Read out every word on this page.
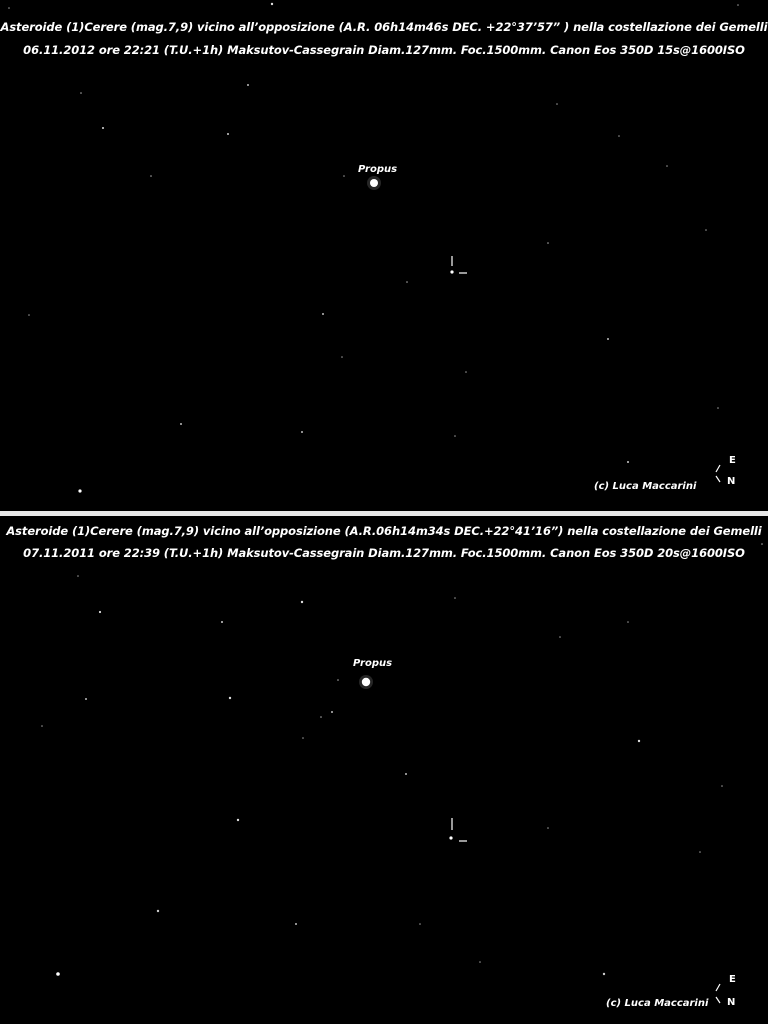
Asteroide (1)Cerere (mag.7,9) vicino all’opposizione (A.R. 06h14m46s DEC. +22°37’57” ) nella costellazione dei Gemelli
06.11.2012 ore 22:21 (T.U.+1h) Maksutov-Cassegrain Diam.127mm. Foc.1500mm. Canon Eos 350D 15s@1600ISO
Propus
(c) Luca Maccarini
E
N
Asteroide (1)Cerere (mag.7,9) vicino all’opposizione (A.R.06h14m34s DEC.+22°41’16”) nella costellazione dei Gemelli
07.11.2011 ore 22:39 (T.U.+1h) Maksutov-Cassegrain Diam.127mm. Foc.1500mm. Canon Eos 350D 20s@1600ISO
Propus
(c) Luca Maccarini
E
N
